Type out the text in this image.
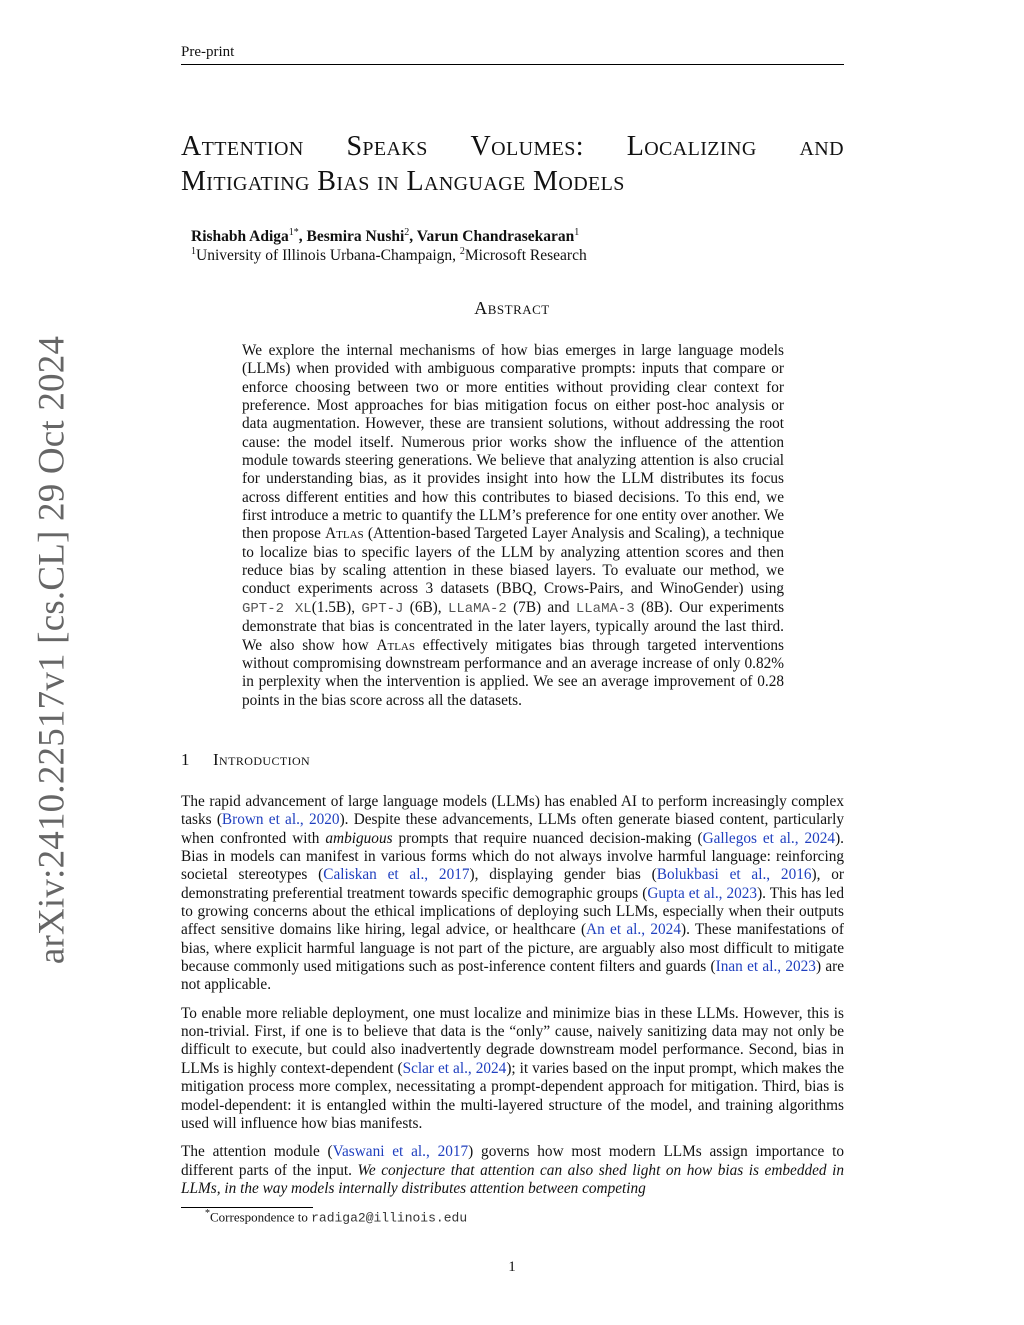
Pre-print
arXiv:2410.22517v1 [cs.CL] 29 Oct 2024
Attention Speaks Volumes: Localizing and
Mitigating Bias in Language Models
Rishabh Adiga$^{1*}$, Besmira Nushi$^2$, Varun Chandrasekaran$^1$
$^1$University of Illinois Urbana-Champaign, $^2$Microsoft Research
Abstract
We explore the internal mechanisms of how bias emerges in large language models (LLMs) when provided with ambiguous comparative prompts: inputs that compare or enforce choosing between two or more entities without providing clear context for preference. Most approaches for bias mitigation focus on either post-hoc analysis or data augmentation. However, these are transient solutions, without addressing the root cause: the model itself. Numerous prior works show the influence of the attention module towards steering generations. We believe that analyzing attention is also crucial for understanding bias, as it provides insight into how the LLM distributes its focus across different entities and how this contributes to biased decisions. To this end, we first introduce a metric to quantify the LLM’s preference for one entity over another. We then propose Atlas (Attention-based Targeted Layer Analysis and Scaling), a technique to localize bias to specific layers of the LLM by analyzing attention scores and then reduce bias by scaling attention in these biased layers. To evaluate our method, we conduct experiments across 3 datasets (BBQ, Crows-Pairs, and WinoGender) using GPT-2 XL(1.5B), GPT-J (6B), LLaMA-2 (7B) and LLaMA-3 (8B). Our experiments demonstrate that bias is concentrated in the later layers, typically around the last third. We also show how Atlas effectively mitigates bias through targeted interventions without compromising downstream performance and an average increase of only 0.82% in perplexity when the intervention is applied. We see an average improvement of 0.28 points in the bias score across all the datasets.
1 Introduction

The rapid advancement of large language models (LLMs) has enabled AI to perform increasingly complex tasks (Brown et al., 2020). Despite these advancements, LLMs often generate biased content, particularly when confronted with ambiguous prompts that require nuanced decision-making (Gallegos et al., 2024). Bias in models can manifest in various forms which do not always involve harmful language: reinforcing societal stereotypes (Caliskan et al., 2017), displaying gender bias (Bolukbasi et al., 2016), or demonstrating preferential treatment towards specific demographic groups (Gupta et al., 2023). This has led to growing concerns about the ethical implications of deploying such LLMs, especially when their outputs affect sensitive domains like hiring, legal advice, or healthcare (An et al., 2024). These manifestations of bias, where explicit harmful language is not part of the picture, are arguably also most difficult to mitigate because commonly used mitigations such as post-inference content filters and guards (Inan et al., 2023) are not applicable.

To enable more reliable deployment, one must localize and minimize bias in these LLMs. However, this is non-trivial. First, if one is to believe that data is the “only” cause, naively sanitizing data may not only be difficult to execute, but could also inadvertently degrade downstream model performance. Second, bias in LLMs is highly context-dependent (Sclar et al., 2024); it varies based on the input prompt, which makes the mitigation process more complex, necessitating a prompt-dependent approach for mitigation. Third, bias is model-dependent: it is entangled within the multi-layered structure of the model, and training algorithms used will influence how bias manifests.

The attention module (Vaswani et al., 2017) governs how most modern LLMs assign importance to different parts of the input. We conjecture that attention can also shed light on how bias is embedded in LLMs, in the way models internally distributes attention between competing

*Correspondence to radiga2@illinois.edu
1
